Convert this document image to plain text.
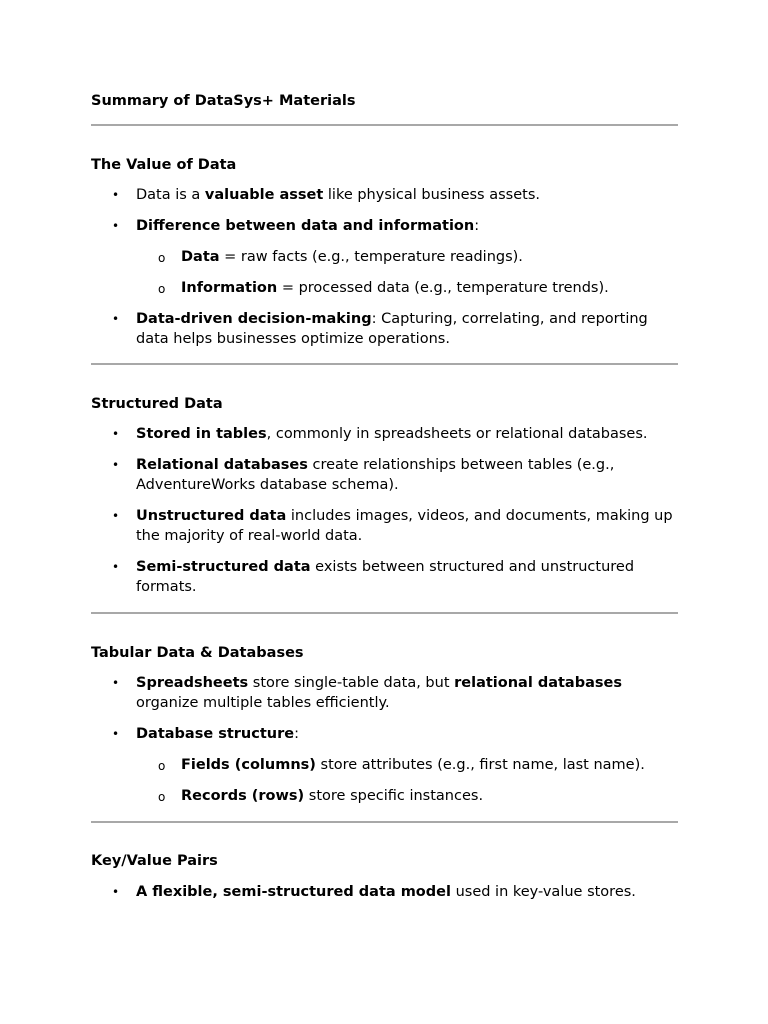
Summary of DataSys+ Materials
The Value of Data
• Data is a valuable asset like physical business assets.
• Difference between data and information:
o Data = raw facts (e.g., temperature readings).
o Information = processed data (e.g., temperature trends).
• Data-driven decision-making: Capturing, correlating, and reporting data helps businesses optimize operations.
Structured Data
• Stored in tables, commonly in spreadsheets or relational databases.
• Relational databases create relationships between tables (e.g., AdventureWorks database schema).
• Unstructured data includes images, videos, and documents, making up the majority of real-world data.
• Semi-structured data exists between structured and unstructured formats.
Tabular Data & Databases
• Spreadsheets store single-table data, but relational databases organize multiple tables efficiently.
• Database structure:
o Fields (columns) store attributes (e.g., first name, last name).
o Records (rows) store specific instances.
Key/Value Pairs
• A flexible, semi-structured data model used in key-value stores.
